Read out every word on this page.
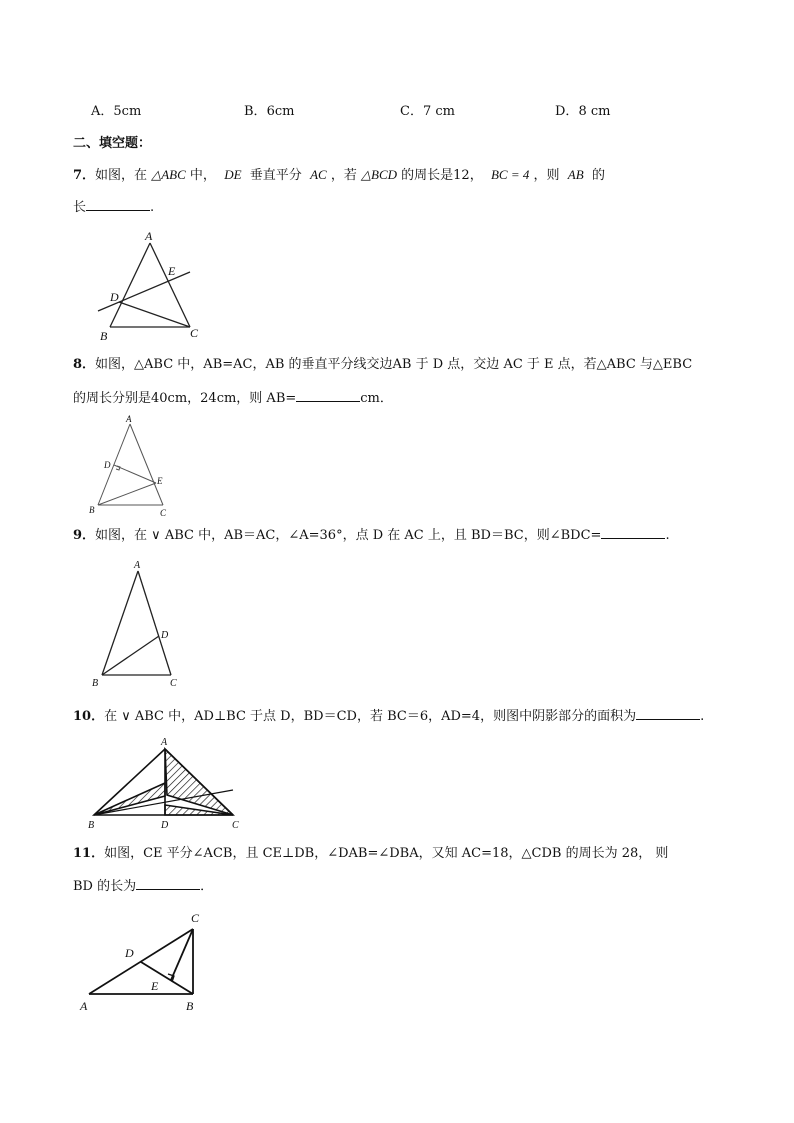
A．5cm	B．6cm	C．7 cm	D．8 cm
二、填空题：
7．如图，在 △ABC 中， DE 垂直平分 AC ，若 △BCD 的周长是12， BC = 4 ，则 AB 的
长	.
A
E
D
B	C
8．如图，△ABC 中，AB=AC，AB 的垂直平分线交边AB 于 D 点，交边 AC 于 E 点，若△ABC 与△EBC
的周长分别是40cm，24cm，则 AB=	cm．
A
D
E
B	C
9．如图，在 ∨ ABC 中，AB＝AC，∠A=36°，点 D 在 AC 上，且 BD＝BC，则∠BDC=	.
A
D
B	C
10．在 ∨ ABC 中，AD⊥BC 于点 D，BD＝CD，若 BC＝6，AD=4，则图中阴影部分的面积为	.
A
B	D	C
11．如图，CE 平分∠ACB，且 CE⊥DB，∠DAB=∠DBA，又知 AC=18，△CDB 的周长为 28， 则
BD 的长为	．
C
D
E
A	B
